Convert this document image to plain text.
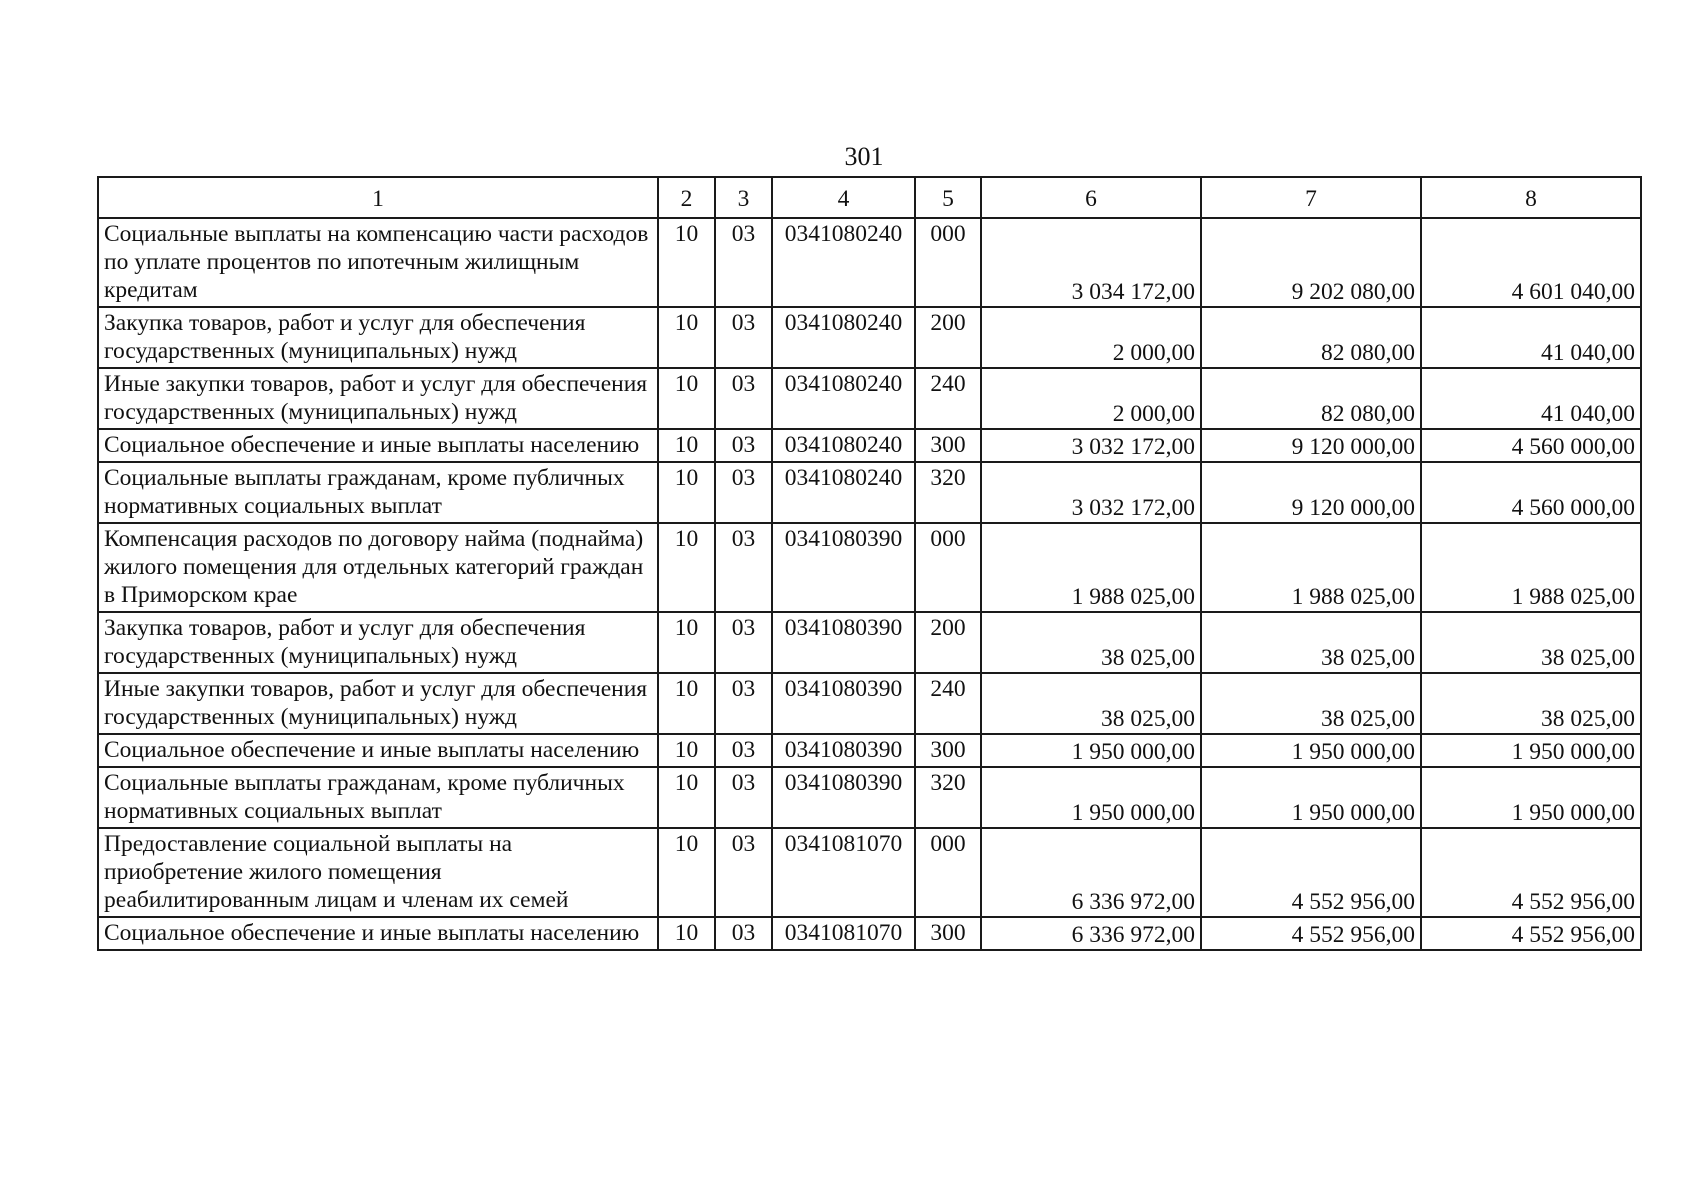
301
1	2	3	4	5	6	7	8
Социальные выплаты на компенсацию части расходов по уплате процентов по ипотечным жилищным кредитам	10	03	0341080240	000	3 034 172,00	9 202 080,00	4 601 040,00
Закупка товаров, работ и услуг для обеспечения государственных (муниципальных) нужд	10	03	0341080240	200	2 000,00	82 080,00	41 040,00
Иные закупки товаров, работ и услуг для обеспечения государственных (муниципальных) нужд	10	03	0341080240	240	2 000,00	82 080,00	41 040,00
Социальное обеспечение и иные выплаты населению	10	03	0341080240	300	3 032 172,00	9 120 000,00	4 560 000,00
Социальные выплаты гражданам, кроме публичных нормативных социальных выплат	10	03	0341080240	320	3 032 172,00	9 120 000,00	4 560 000,00
Компенсация расходов по договору найма (поднайма) жилого помещения для отдельных категорий граждан в Приморском крае	10	03	0341080390	000	1 988 025,00	1 988 025,00	1 988 025,00
Закупка товаров, работ и услуг для обеспечения государственных (муниципальных) нужд	10	03	0341080390	200	38 025,00	38 025,00	38 025,00
Иные закупки товаров, работ и услуг для обеспечения государственных (муниципальных) нужд	10	03	0341080390	240	38 025,00	38 025,00	38 025,00
Социальное обеспечение и иные выплаты населению	10	03	0341080390	300	1 950 000,00	1 950 000,00	1 950 000,00
Социальные выплаты гражданам, кроме публичных нормативных социальных выплат	10	03	0341080390	320	1 950 000,00	1 950 000,00	1 950 000,00
Предоставление социальной выплаты на приобретение жилого помещения реабилитированным лицам и членам их семей	10	03	0341081070	000	6 336 972,00	4 552 956,00	4 552 956,00
Социальное обеспечение и иные выплаты населению	10	03	0341081070	300	6 336 972,00	4 552 956,00	4 552 956,00
